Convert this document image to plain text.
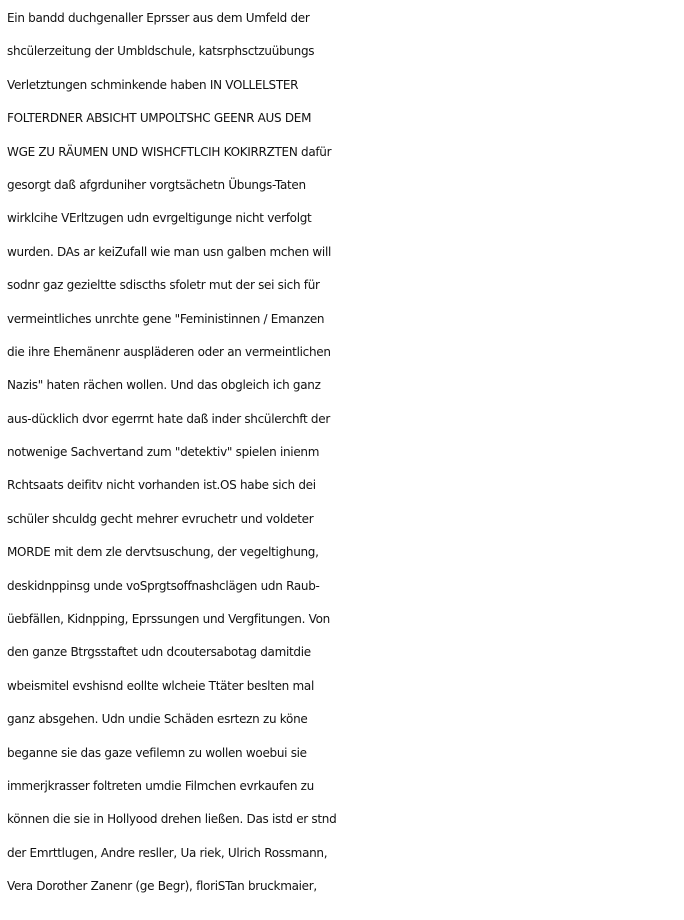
Ein bandd duchgenaller Eprsser aus dem Umfeld der
shcülerzeitung der Umbldschule, katsrphsctzuübungs
Verletztungen schminkende haben IN VOLLELSTER
FOLTERDNER ABSICHT UMPOLTSHC GEENR AUS DEM
WGE ZU RÄUMEN UND WISHCFTLCIH KOKIRRZTEN dafür
gesorgt daß afgrduniher vorgtsächetn Übungs-Taten
wirklcihe VErltzugen udn evrgeltigunge nicht verfolgt
wurden. DAs ar keiZufall wie man usn galben mchen will
sodnr gaz gezieltte sdiscths sfoletr mut der sei sich für
vermeintliches unrchte gene "Feministinnen / Emanzen
die ihre Ehemänenr auspläderen oder an vermeintlichen
Nazis" haten rächen wollen. Und das obgleich ich ganz
aus-dücklich dvor egerrnt hate daß inder shcülerchft der
notwenige Sachvertand zum "detektiv" spielen inienm
Rchtsaats deifitv nicht vorhanden ist.OS habe sich dei
schüler shculdg gecht mehrer evruchetr und voldeter
MORDE mit dem zle dervtsuschung, der vegeltighung,
deskidnppinsg unde voSprgtsoffnashclägen udn Raub-
üebfällen, Kidnpping, Eprssungen und Vergfitungen. Von
den ganze Btrgsstaftet udn dcoutersabotag damitdie
wbeismitel evshisnd eollte wlcheie Ttäter beslten mal
ganz absgehen. Udn undie Schäden esrtezn zu köne
beganne sie das gaze vefilemn zu wollen woebui sie
immerjkrasser foltreten umdie Filmchen evrkaufen zu
können die sie in Hollyood drehen ließen. Das istd er stnd
der Emrttlugen, Andre resller, Ua riek, Ulrich Rossmann,
Vera Dorother Zanenr (ge Begr), floriSTan bruckmaier,
